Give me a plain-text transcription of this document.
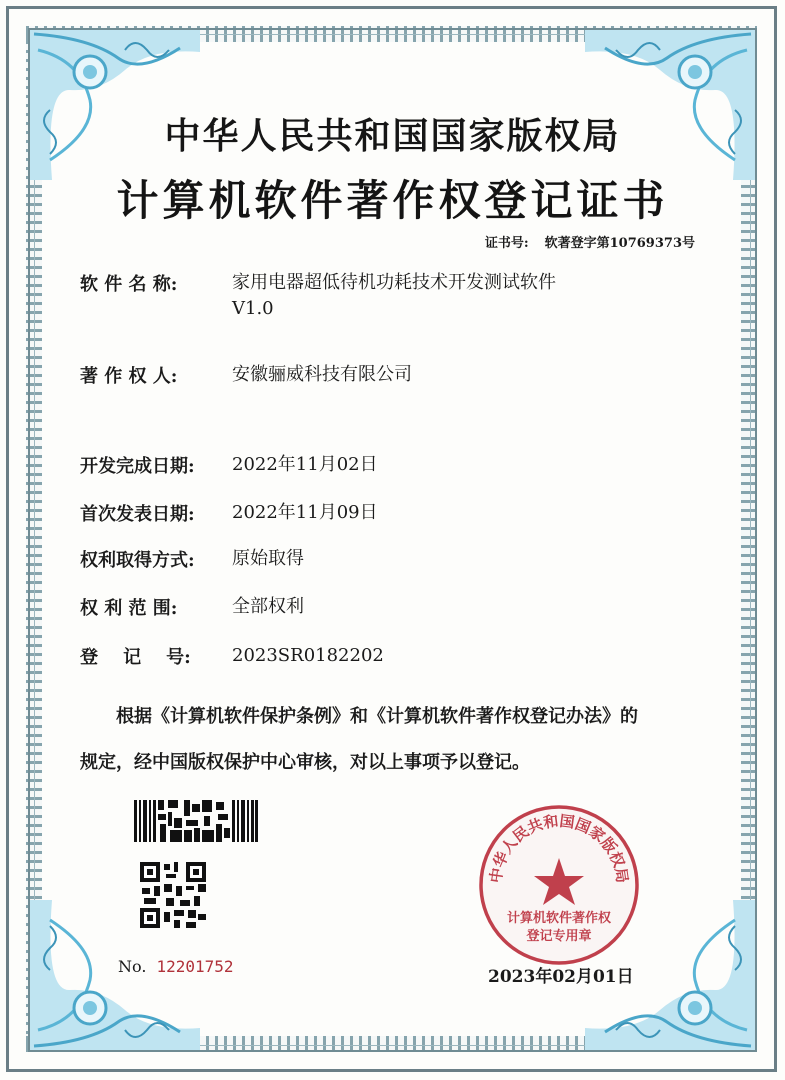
中华人民共和国国家版权局
计算机软件著作权登记证书
证书号: 软著登字第10769373号
软 件 名 称:	家用电器超低待机功耗技术开发测试软件
V1.0
著 作 权 人:	安徽骊威科技有限公司
开发完成日期:	2022年11月02日
首次发表日期:	2022年11月09日
权利取得方式:	原始取得
权 利 范 围:	全部权利
登    记    号:	2023SR0182202
根据《计算机软件保护条例》和《计算机软件著作权登记办法》的
规定，经中国版权保护中心审核，对以上事项予以登记。
No. 12201752
中华人民共和国国家版权局
计算机软件著作权
登记专用章
2023年02月01日
